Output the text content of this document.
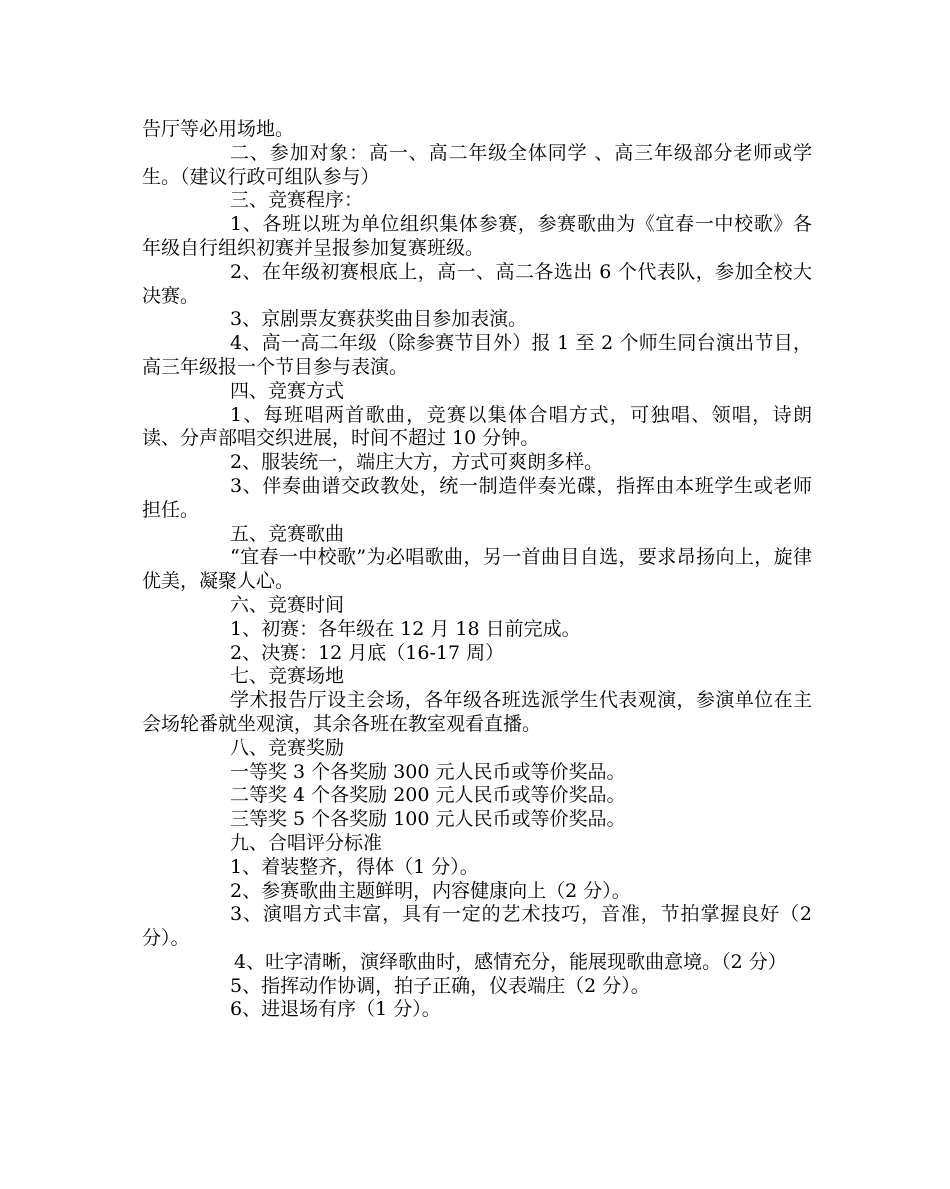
告厅等必用场地。

二、参加对象：高一、高二年级全体同学 、高三年级部分老师或学生。（建议行政可组队参与）

三、竞赛程序：

1、各班以班为单位组织集体参赛，参赛歌曲为《宜春一中校歌》各年级自行组织初赛并呈报参加复赛班级。

2、在年级初赛根底上，高一、高二各选出 6 个代表队，参加全校大决赛。

3、京剧票友赛获奖曲目参加表演。

4、高一高二年级（除参赛节目外）报 1 至 2 个师生同台演出节目，高三年级报一个节目参与表演。

四、竞赛方式

1、每班唱两首歌曲，竞赛以集体合唱方式，可独唱、领唱，诗朗读、分声部唱交织进展，时间不超过 10 分钟。

2、服装统一，端庄大方，方式可爽朗多样。

3、伴奏曲谱交政教处，统一制造伴奏光碟，指挥由本班学生或老师担任。

五、竞赛歌曲

“宜春一中校歌”为必唱歌曲，另一首曲目自选，要求昂扬向上，旋律优美，凝聚人心。

六、竞赛时间

1、初赛：各年级在 12 月 18 日前完成。

2、决赛：12 月底（16-17 周）

七、竞赛场地

学术报告厅设主会场，各年级各班选派学生代表观演，参演单位在主会场轮番就坐观演，其余各班在教室观看直播。

八、竞赛奖励

一等奖 3 个各奖励 300 元人民币或等价奖品。

二等奖 4 个各奖励 200 元人民币或等价奖品。

三等奖 5 个各奖励 100 元人民币或等价奖品。

九、合唱评分标准

1、着装整齐，得体（1 分）。

2、参赛歌曲主题鲜明，内容健康向上（2 分）。

3、演唱方式丰富，具有一定的艺术技巧，音准，节拍掌握良好（2 分）。

4、吐字清晰，演绎歌曲时，感情充分，能展现歌曲意境。（2 分）

5、指挥动作协调，拍子正确，仪表端庄（2 分）。

6、进退场有序（1 分）。
